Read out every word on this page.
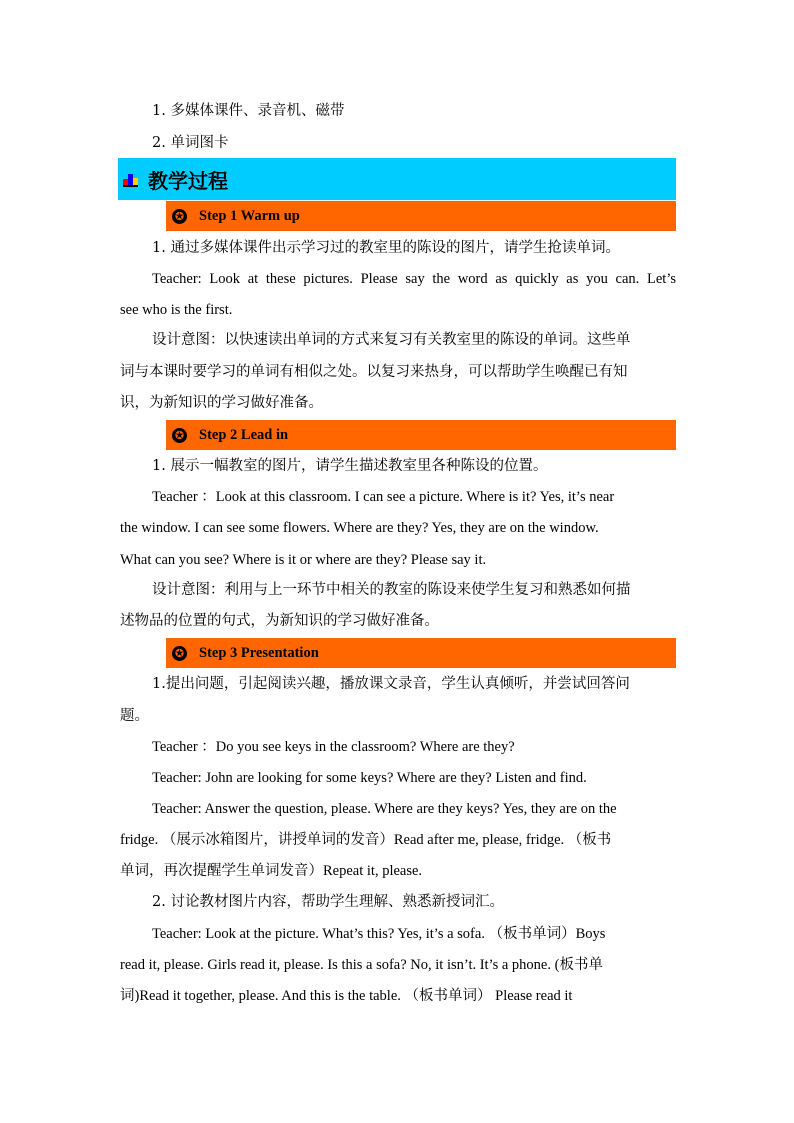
1. 多媒体课件、录音机、磁带
2. 单词图卡
教学过程
✪ Step 1 Warm up
1. 通过多媒体课件出示学习过的教室里的陈设的图片，请学生抢读单词。
Teacher: Look at these pictures. Please say the word as quickly as you can. Let’s
see who is the first.
设计意图：以快速读出单词的方式来复习有关教室里的陈设的单词。这些单
词与本课时要学习的单词有相似之处。以复习来热身，可以帮助学生唤醒已有知
识，为新知识的学习做好准备。
✪ Step 2 Lead in
1. 展示一幅教室的图片，请学生描述教室里各种陈设的位置。
Teacher ：Look at this classroom. I can see a picture. Where is it? Yes, it’s near
the window. I can see some flowers. Where are they? Yes, they are on the window.
What can you see? Where is it or where are they? Please say it.
设计意图：利用与上一环节中相关的教室的陈设来使学生复习和熟悉如何描
述物品的位置的句式，为新知识的学习做好准备。
✪ Step 3 Presentation
1.提出问题，引起阅读兴趣，播放课文录音，学生认真倾听，并尝试回答问
题。
Teacher ：Do you see keys in the classroom? Where are they?
Teacher: John are looking for some keys? Where are they? Listen and find.
Teacher: Answer the question, please. Where are they keys? Yes, they are on the
fridge. （展示冰箱图片，讲授单词的发音）Read after me, please, fridge. （板书
单词，再次提醒学生单词发音）Repeat it, please.
2. 讨论教材图片内容，帮助学生理解、熟悉新授词汇。
Teacher: Look at the picture. What’s this? Yes, it’s a sofa. （板书单词）Boys
read it, please. Girls read it, please. Is this a sofa? No, it isn’t. It’s a phone. (板书单
词)Read it together, please. And this is the table. （板书单词） Please read it
